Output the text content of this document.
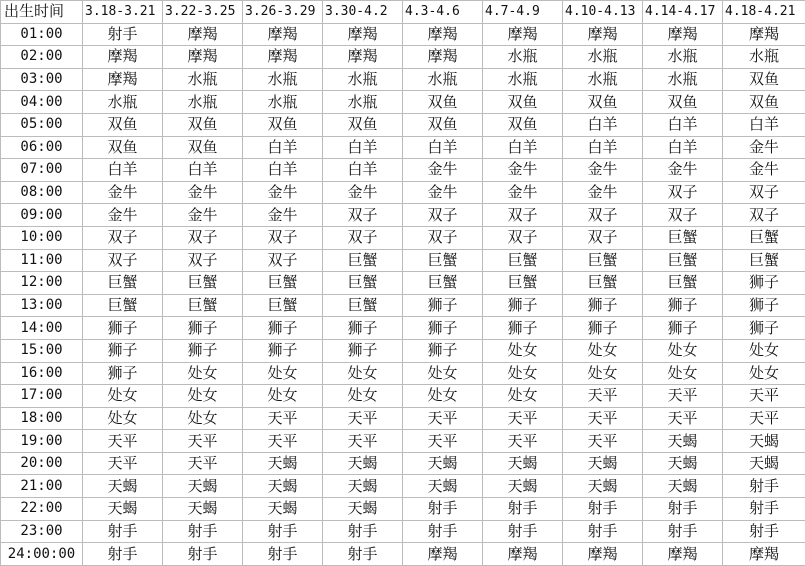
出生时间	3.18-3.21	3.22-3.25	3.26-3.29	3.30-4.2	4.3-4.6	4.7-4.9	4.10-4.13	4.14-4.17	4.18-4.21
01:00	射手	摩羯	摩羯	摩羯	摩羯	摩羯	摩羯	摩羯	摩羯
02:00	摩羯	摩羯	摩羯	摩羯	摩羯	水瓶	水瓶	水瓶	水瓶
03:00	摩羯	水瓶	水瓶	水瓶	水瓶	水瓶	水瓶	水瓶	双鱼
04:00	水瓶	水瓶	水瓶	水瓶	双鱼	双鱼	双鱼	双鱼	双鱼
05:00	双鱼	双鱼	双鱼	双鱼	双鱼	双鱼	白羊	白羊	白羊
06:00	双鱼	双鱼	白羊	白羊	白羊	白羊	白羊	白羊	金牛
07:00	白羊	白羊	白羊	白羊	金牛	金牛	金牛	金牛	金牛
08:00	金牛	金牛	金牛	金牛	金牛	金牛	金牛	双子	双子
09:00	金牛	金牛	金牛	双子	双子	双子	双子	双子	双子
10:00	双子	双子	双子	双子	双子	双子	双子	巨蟹	巨蟹
11:00	双子	双子	双子	巨蟹	巨蟹	巨蟹	巨蟹	巨蟹	巨蟹
12:00	巨蟹	巨蟹	巨蟹	巨蟹	巨蟹	巨蟹	巨蟹	巨蟹	狮子
13:00	巨蟹	巨蟹	巨蟹	巨蟹	狮子	狮子	狮子	狮子	狮子
14:00	狮子	狮子	狮子	狮子	狮子	狮子	狮子	狮子	狮子
15:00	狮子	狮子	狮子	狮子	狮子	处女	处女	处女	处女
16:00	狮子	处女	处女	处女	处女	处女	处女	处女	处女
17:00	处女	处女	处女	处女	处女	处女	天平	天平	天平
18:00	处女	处女	天平	天平	天平	天平	天平	天平	天平
19:00	天平	天平	天平	天平	天平	天平	天平	天蝎	天蝎
20:00	天平	天平	天蝎	天蝎	天蝎	天蝎	天蝎	天蝎	天蝎
21:00	天蝎	天蝎	天蝎	天蝎	天蝎	天蝎	天蝎	天蝎	射手
22:00	天蝎	天蝎	天蝎	天蝎	射手	射手	射手	射手	射手
23:00	射手	射手	射手	射手	射手	射手	射手	射手	射手
24:00:00	射手	射手	射手	射手	摩羯	摩羯	摩羯	摩羯	摩羯
